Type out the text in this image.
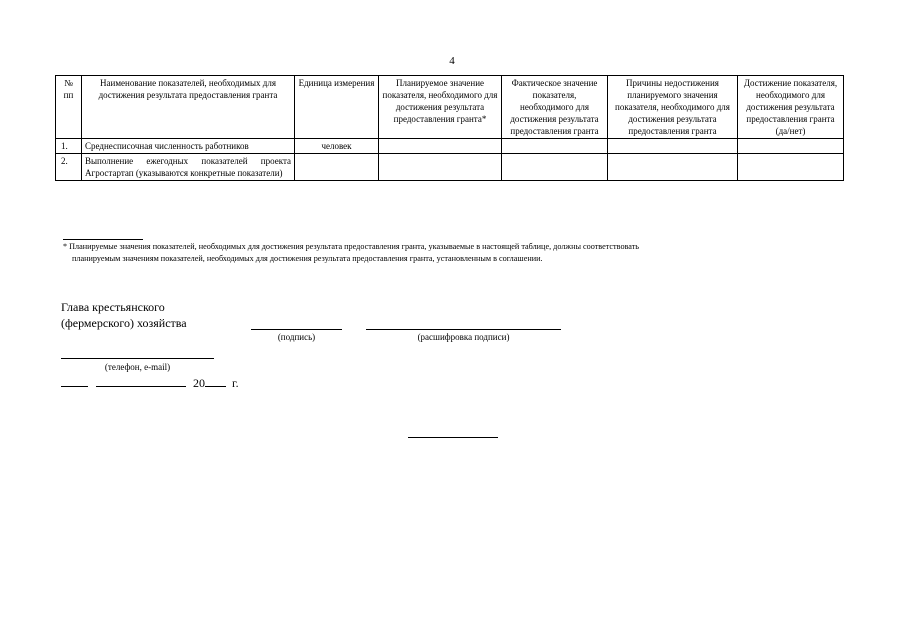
4
№ пп	Наименование показателей, необходимых для достижения результата предоставления гранта	Единица измерения	Планируемое значение показателя, необходимого для достижения результата предоставления гранта*	Фактическое значение показателя, необходимого для достижения результата предоставления гранта	Причины недостижения планируемого значения показателя, необходимого для достижения результата предоставления гранта	Достижение показателя, необходимого для достижения результата предоставления гранта (да/нет)
1.	Среднесписочная численность работников	человек				
2.	Выполнение ежегодных показателей проекта Агростартап (указываются конкретные показатели)					
* Планируемые значения показателей, необходимых для достижения результата предоставления гранта, указываемые в настоящей таблице, должны соответствовать
планируемым значениям показателей, необходимых для достижения результата предоставления гранта, установленным в соглашении.
Глава крестьянского
(фермерского) хозяйства
(подпись)	(расшифровка подписи)
(телефон, e-mail)
20 г.
